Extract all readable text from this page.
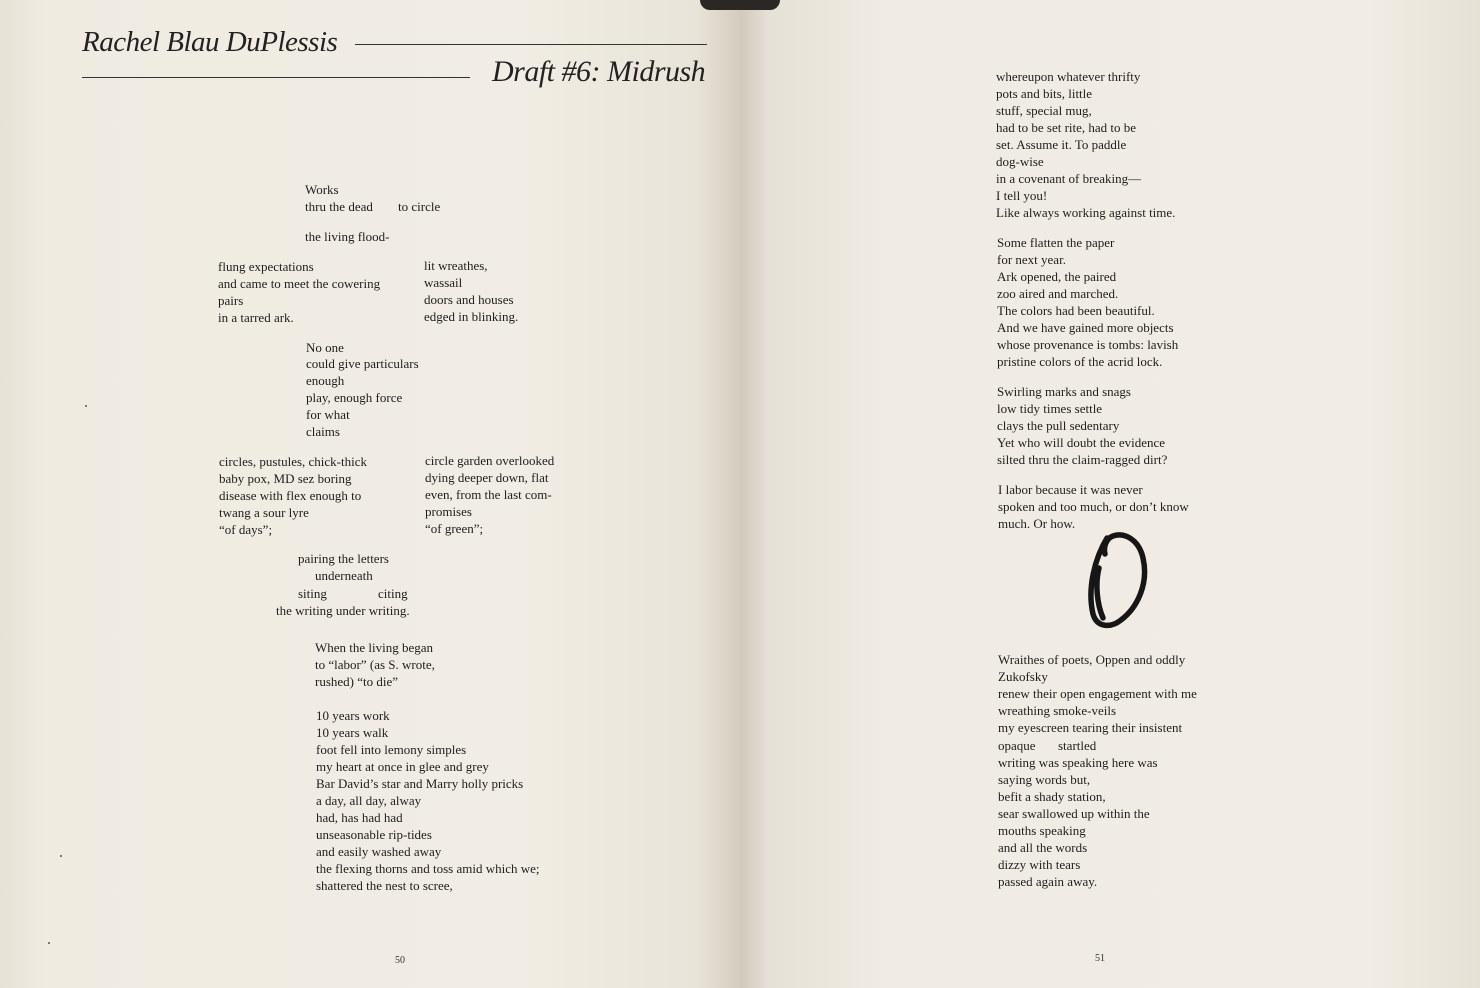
Rachel Blau DuPlessis
Draft #6: Midrush
Works
thru the dead to circle
the living flood-
flung expectations
and came to meet the cowering
pairs
in a tarred ark.
lit wreathes,
wassail
doors and houses
edged in blinking.
No one
could give particulars
enough
play, enough force
for what
claims
circles, pustules, chick-thick
baby pox, MD sez boring
disease with flex enough to
twang a sour lyre
“of days”;
circle garden overlooked
dying deeper down, flat
even, from the last com-
promises
“of green”;
pairing the letters
underneath
siting	citing
the writing under writing.
When the living began
to “labor” (as S. wrote,
rushed) “to die”
10 years work
10 years walk
foot fell into lemony simples
my heart at once in glee and grey
Bar David’s star and Marry holly pricks
a day, all day, alway
had, has had had
unseasonable rip-tides
and easily washed away
the flexing thorns and toss amid which we;
shattered the nest to scree,
50
whereupon whatever thrifty
pots and bits, little
stuff, special mug,
had to be set rite, had to be
set. Assume it. To paddle
dog-wise
in a covenant of breaking—
I tell you!
Like always working against time.
Some flatten the paper
for next year.
Ark opened, the paired
zoo aired and marched.
The colors had been beautiful.
And we have gained more objects
whose provenance is tombs: lavish
pristine colors of the acrid lock.
Swirling marks and snags
low tidy times settle
clays the pull sedentary
Yet who will doubt the evidence
silted thru the claim-ragged dirt?
I labor because it was never
spoken and too much, or don’t know
much. Or how.
Wraithes of poets, Oppen and oddly
Zukofsky
renew their open engagement with me
wreathing smoke-veils
my eyescreen tearing their insistent
opaque startled
writing was speaking here was
saying words but,
befit a shady station,
sear swallowed up within the
mouths speaking
and all the words
dizzy with tears
passed again away.
51
